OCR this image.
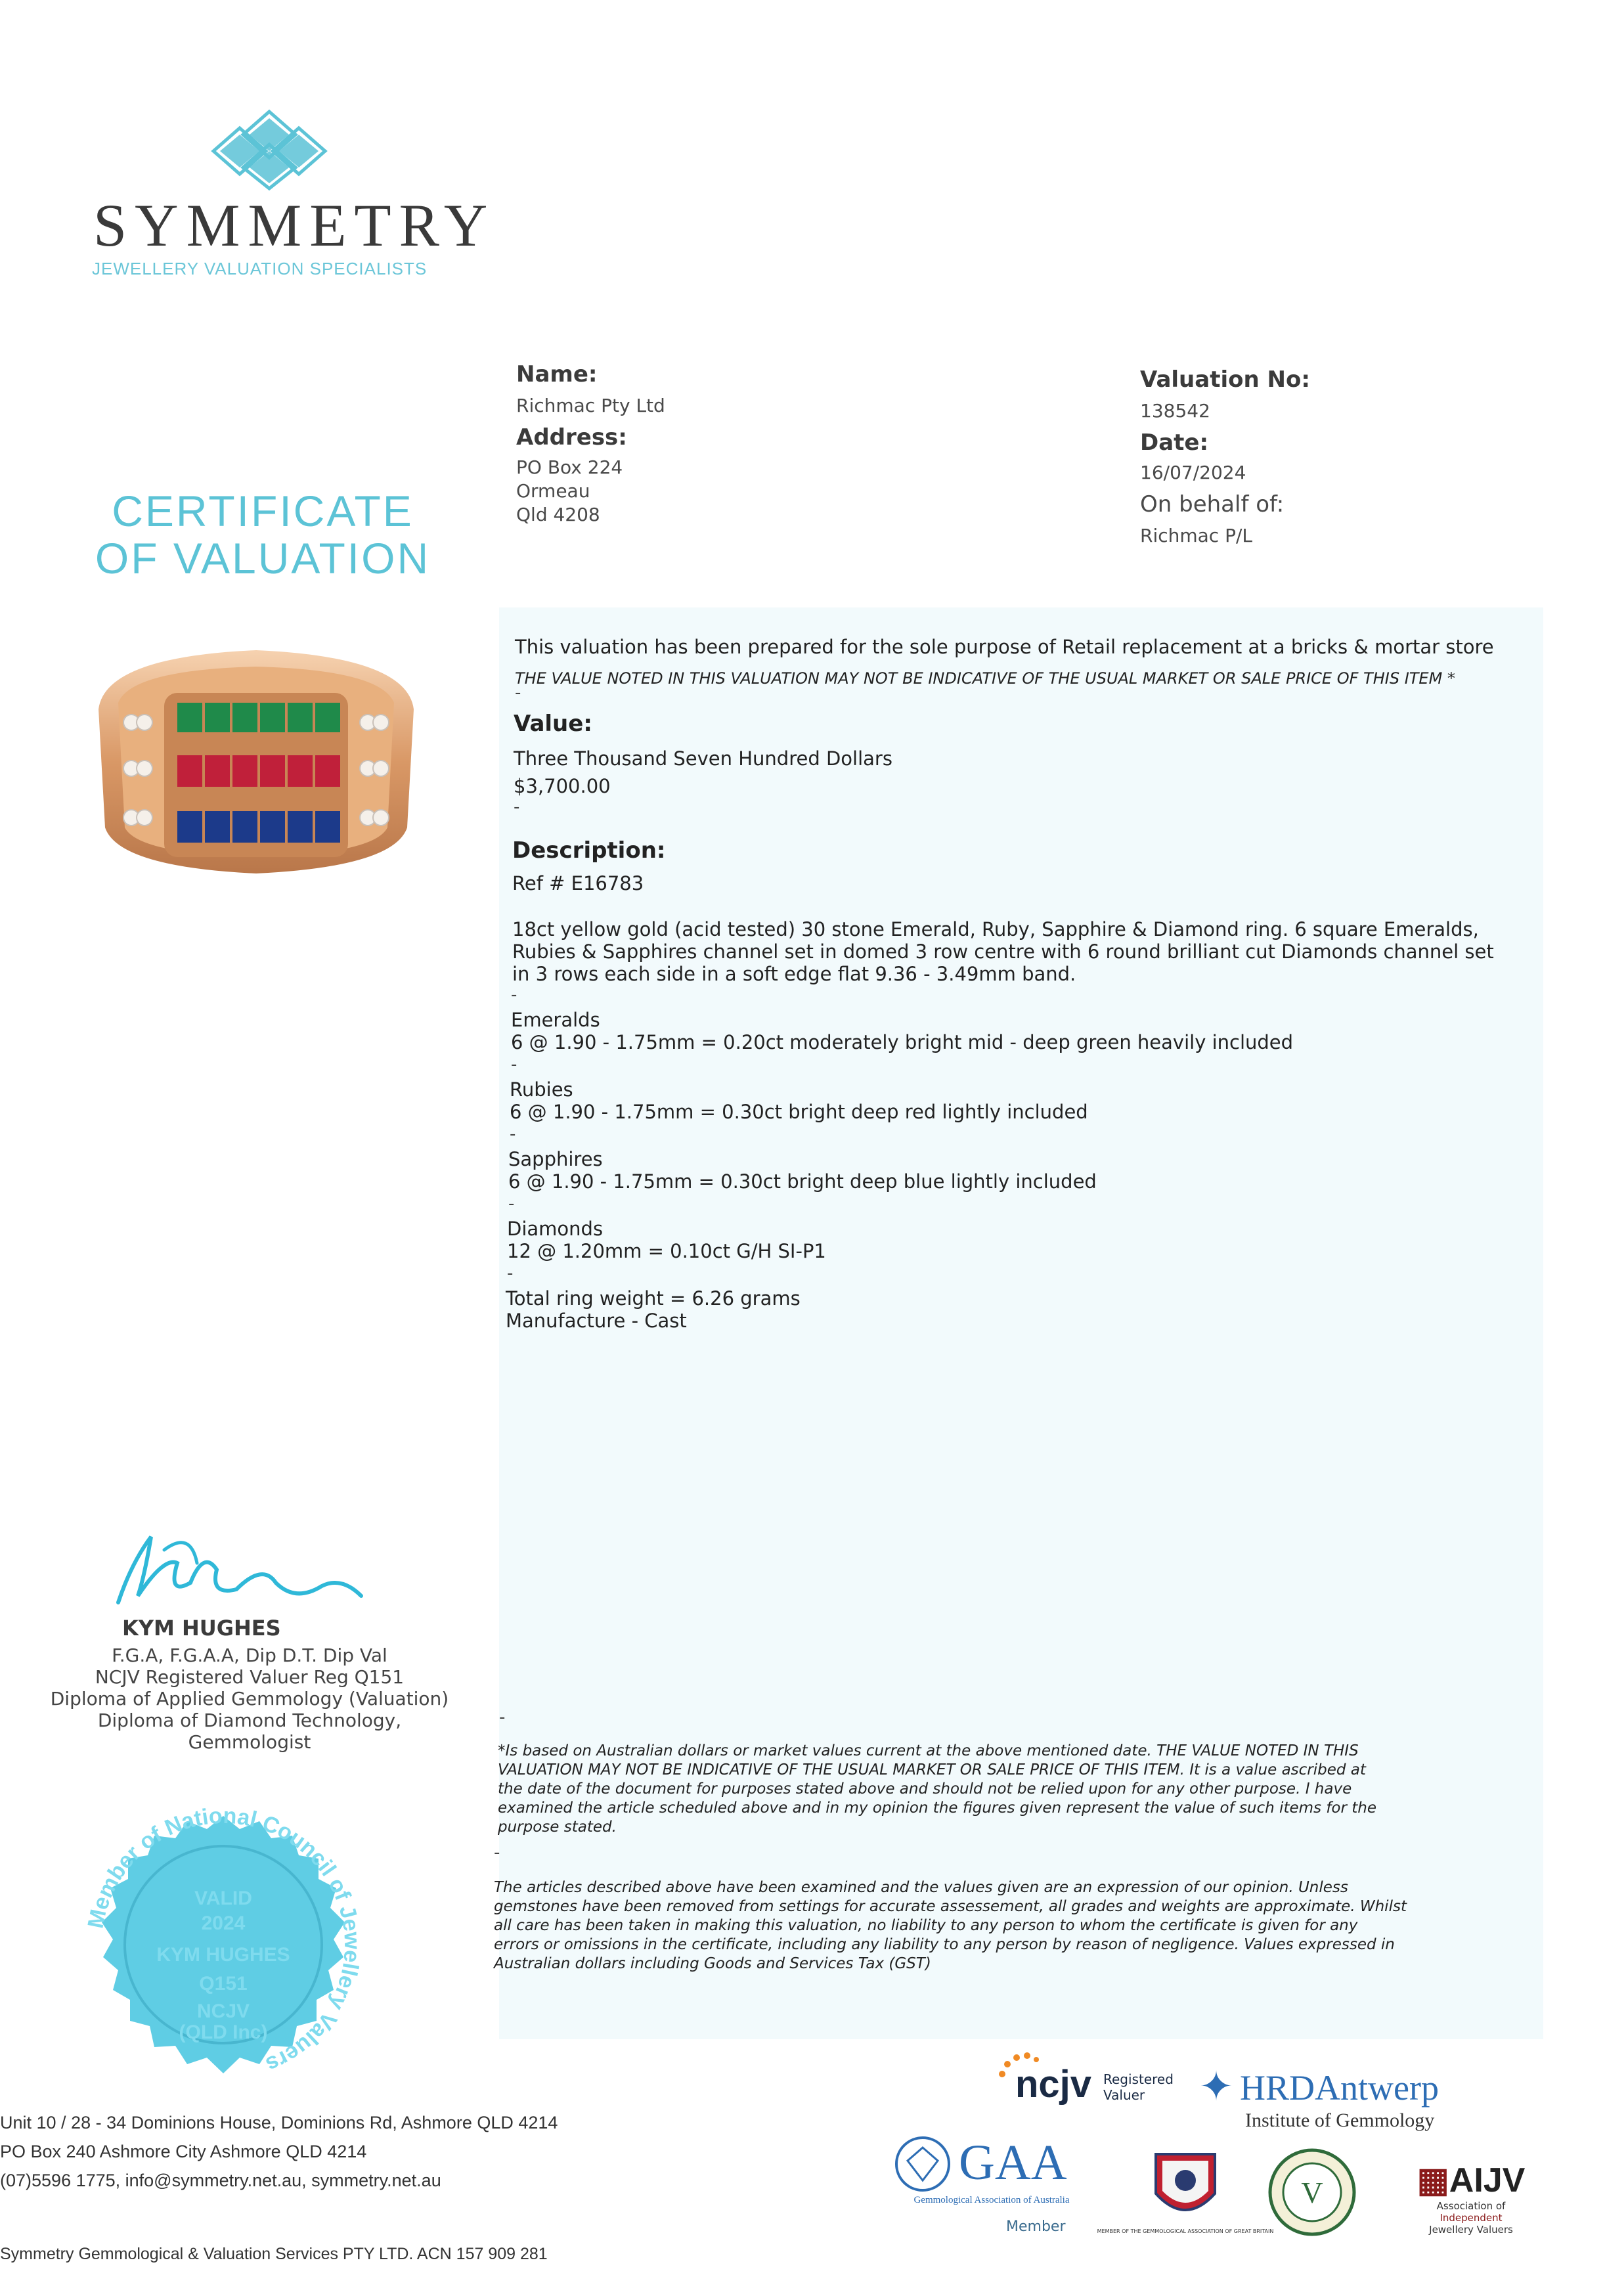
SYMMETRY
JEWELLERY VALUATION SPECIALISTS
CERTIFICATE
OF VALUATION
Name:
Richmac Pty Ltd
Address:
PO Box 224
Ormeau
Qld 4208
Valuation No:
138542
Date:
16/07/2024
On behalf of:
Richmac P/L
This valuation has been prepared for the sole purpose of Retail replacement at a bricks & mortar store
THE VALUE NOTED IN THIS VALUATION MAY NOT BE INDICATIVE OF THE USUAL MARKET OR SALE PRICE OF THIS ITEM *
-
Value:
Three Thousand Seven Hundred Dollars
$3,700.00
-
Description:
Ref # E16783
18ct yellow gold (acid tested) 30 stone Emerald, Ruby, Sapphire & Diamond ring. 6 square Emeralds,
Rubies & Sapphires channel set in domed 3 row centre with 6 round brilliant cut Diamonds channel set
in 3 rows each side in a soft edge flat 9.36 - 3.49mm band.
-
Emeralds
6 @ 1.90 - 1.75mm = 0.20ct moderately bright mid - deep green heavily included
-
Rubies
6 @ 1.90 - 1.75mm = 0.30ct bright deep red lightly included
-
Sapphires
6 @ 1.90 - 1.75mm = 0.30ct bright deep blue lightly included
-
Diamonds
12 @ 1.20mm = 0.10ct G/H SI-P1
-
Total ring weight = 6.26 grams
Manufacture - Cast
-
*Is based on Australian dollars or market values current at the above mentioned date. THE VALUE NOTED IN THIS
VALUATION MAY NOT BE INDICATIVE OF THE USUAL MARKET OR SALE PRICE OF THIS ITEM. It is a value ascribed at
the date of the document for purposes stated above and should not be relied upon for any other purpose. I have
examined the article scheduled above and in my opinion the figures given represent the value of such items for the
purpose stated.
-
The articles described above have been examined and the values given are an expression of our opinion. Unless
gemstones have been removed from settings for accurate assessement, all grades and weights are approximate. Whilst
all care has been taken in making this valuation, no liability to any person to whom the certificate is given for any
errors or omissions in the certificate, including any liability to any person by reason of negligence. Values expressed in
Australian dollars including Goods and Services Tax (GST)
KYM HUGHES
F.G.A, F.G.A.A, Dip D.T. Dip Val
NCJV Registered Valuer Reg Q151
Diploma of Applied Gemmology (Valuation)
Diploma of Diamond Technology,
Gemmologist
VALID
2024
KYM HUGHES
Q151
NCJV
(QLD Inc)
Member of National Council of Jewellery Valuers	ncjv Registered
Valuer ✦ HRDAntwerp
Institute of Gemmology
GAA
Gemmological Association of Australia
Member	MEMBER OF THE GEMMOLOGICAL ASSOCIATION OF GREAT BRITAIN
V	▦AIJV
Association of
Independent
Jewellery Valuers
Unit 10 / 28 - 34 Dominions House, Dominions Rd, Ashmore QLD 4214
PO Box 240 Ashmore City Ashmore QLD 4214
(07)5596 1775, info@symmetry.net.au, symmetry.net.au
Symmetry Gemmological & Valuation Services PTY LTD. ACN 157 909 281
